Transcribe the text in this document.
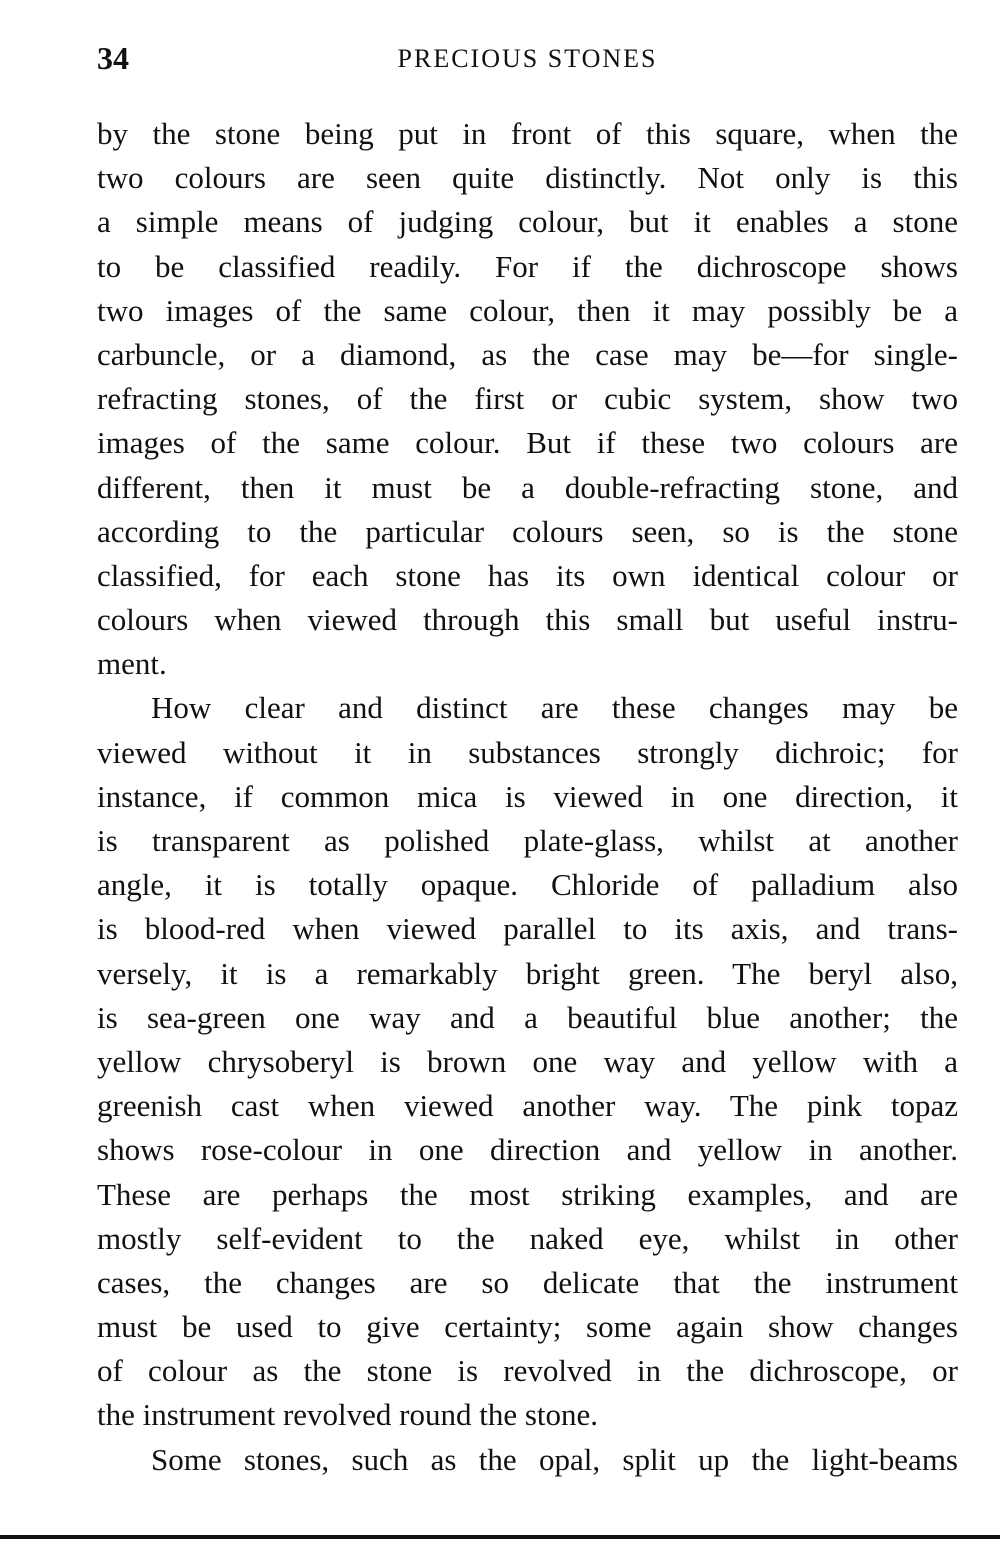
34	PRECIOUS STONES
by the stone being put in front of this square, when the
two colours are seen quite distinctly. Not only is this
a simple means of judging colour, but it enables a stone
to be classified readily. For if the dichroscope shows
two images of the same colour, then it may possibly be a
carbuncle, or a diamond, as the case may be—for single-
refracting stones, of the first or cubic system, show two
images of the same colour. But if these two colours are
different, then it must be a double-refracting stone, and
according to the particular colours seen, so is the stone
classified, for each stone has its own identical colour or
colours when viewed through this small but useful instru-
ment.
How clear and distinct are these changes may be
viewed without it in substances strongly dichroic; for
instance, if common mica is viewed in one direction, it
is transparent as polished plate-glass, whilst at another
angle, it is totally opaque. Chloride of palladium also
is blood-red when viewed parallel to its axis, and trans-
versely, it is a remarkably bright green. The beryl also,
is sea-green one way and a beautiful blue another; the
yellow chrysoberyl is brown one way and yellow with a
greenish cast when viewed another way. The pink topaz
shows rose-colour in one direction and yellow in another.
These are perhaps the most striking examples, and are
mostly self-evident to the naked eye, whilst in other
cases, the changes are so delicate that the instrument
must be used to give certainty; some again show changes
of colour as the stone is revolved in the dichroscope, or
the instrument revolved round the stone.
Some stones, such as the opal, split up the light-beams
